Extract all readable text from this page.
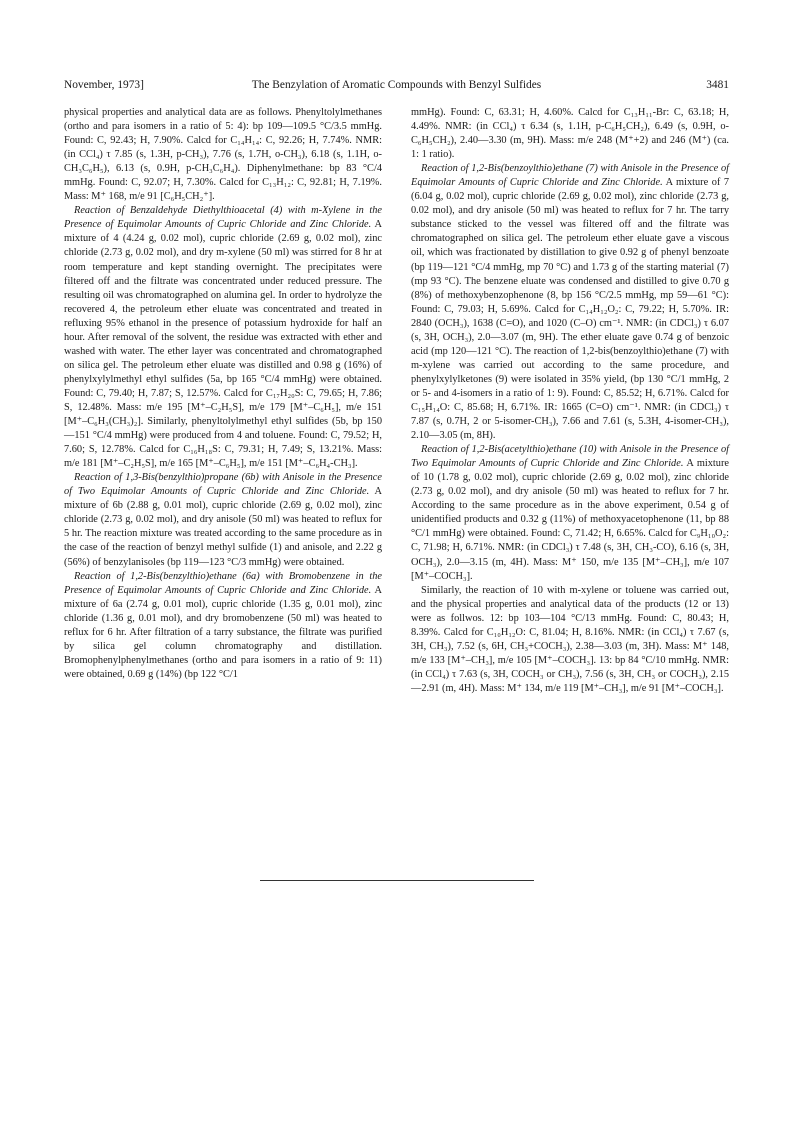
November, 1973]	The Benzylation of Aromatic Compounds with Benzyl Sulfides	3481

physical properties and analytical data are as follows. Phenyltolylmethanes (ortho and para isomers in a ratio of 5: 4): bp 109—109.5 °C/3.5 mmHg. Found: C, 92.43; H, 7.90%. Calcd for C₁₄H₁₄: C, 92.26; H, 7.74%. NMR: (in CCl₄) τ 7.85 (s, 1.3H, p-CH₃), 7.76 (s, 1.7H, o-CH₃), 6.18 (s, 1.1H, o-CH₃C₆H₅), 6.13 (s, 0.9H, p-CH₃C₆H₄). Diphenylmethane: bp 83 °C/4 mmHg. Found: C, 92.07; H, 7.30%. Calcd for C₁₃H₁₂: C, 92.81; H, 7.19%. Mass: M⁺ 168, m/e 91 [C₆H₅CH₂⁺].

Reaction of Benzaldehyde Diethylthioacetal (4) with m-Xylene in the Presence of Equimolar Amounts of Cupric Chloride and Zinc Chloride. A mixture of 4 (4.24 g, 0.02 mol), cupric chloride (2.69 g, 0.02 mol), zinc chloride (2.73 g, 0.02 mol), and dry m-xylene (50 ml) was stirred for 8 hr at room temperature and kept standing overnight. The precipitates were filtered off and the filtrate was concentrated under reduced pressure. The resulting oil was chromatographed on alumina gel. In order to hydrolyze the recovered 4, the petroleum ether eluate was concentrated and treated in refluxing 95% ethanol in the presence of potassium hydroxide for half an hour. After removal of the solvent, the residue was extracted with ether and washed with water. The ether layer was concentrated and chromatographed on silica gel. The petroleum ether eluate was distilled and 0.98 g (16%) of phenylxylylmethyl ethyl sulfides (5a, bp 165 °C/4 mmHg) were obtained. Found: C, 79.40; H, 7.87; S, 12.57%. Calcd for C₁₇H₂₀S: C, 79.65; H, 7.86; S, 12.48%. Mass: m/e 195 [M⁺–C₂H₅S], m/e 179 [M⁺–C₆H₅], m/e 151 [M⁺–C₆H₃(CH₃)₂]. Similarly, phenyltolylmethyl ethyl sulfides (5b, bp 150—151 °C/4 mmHg) were produced from 4 and toluene. Found: C, 79.52; H, 7.60; S, 12.78%. Calcd for C₁₆H₁₈S: C, 79.31; H, 7.49; S, 13.21%. Mass: m/e 181 [M⁺–C₂H₅S], m/e 165 [M⁺–C₆H₅], m/e 151 [M⁺–C₆H₄-CH₃].

Reaction of 1,3-Bis(benzylthio)propane (6b) with Anisole in the Presence of Two Equimolar Amounts of Cupric Chloride and Zinc Chloride. A mixture of 6b (2.88 g, 0.01 mol), cupric chloride (2.69 g, 0.02 mol), zinc chloride (2.73 g, 0.02 mol), and dry anisole (50 ml) was heated to reflux for 5 hr. The reaction mixture was treated according to the same procedure as in the case of the reaction of benzyl methyl sulfide (1) and anisole, and 2.22 g (56%) of benzylanisoles (bp 119—123 °C/3 mmHg) were obtained.

Reaction of 1,2-Bis(benzylthio)ethane (6a) with Bromobenzene in the Presence of Equimolar Amounts of Cupric Chloride and Zinc Chloride. A mixture of 6a (2.74 g, 0.01 mol), cupric chloride (1.35 g, 0.01 mol), zinc chloride (1.36 g, 0.01 mol), and dry bromobenzene (50 ml) was heated to reflux for 6 hr. After filtration of a tarry substance, the filtrate was purified by silica gel column chromatography and distillation. Bromophenylphenylmethanes (ortho and para isomers in a ratio of 9: 11) were obtained, 0.69 g (14%) (bp 122 °C/1

mmHg). Found: C, 63.31; H, 4.60%. Calcd for C₁₃H₁₁-Br: C, 63.18; H, 4.49%. NMR: (in CCl₄) τ 6.34 (s, 1.1H, p-C₆H₅CH₂), 6.49 (s, 0.9H, o-C₆H₅CH₂), 2.40—3.30 (m, 9H). Mass: m/e 248 (M⁺+2) and 246 (M⁺) (ca. 1: 1 ratio).

Reaction of 1,2-Bis(benzoylthio)ethane (7) with Anisole in the Presence of Equimolar Amounts of Cupric Chloride and Zinc Chloride. A mixture of 7 (6.04 g, 0.02 mol), cupric chloride (2.69 g, 0.02 mol), zinc chloride (2.73 g, 0.02 mol), and dry anisole (50 ml) was heated to reflux for 7 hr. The tarry substance sticked to the vessel was filtered off and the filtrate was chromatographed on silica gel. The petroleum ether eluate gave a viscous oil, which was fractionated by distillation to give 0.92 g of phenyl benzoate (bp 119—121 °C/4 mmHg, mp 70 °C) and 1.73 g of the starting material (7) (mp 93 °C). The benzene eluate was condensed and distilled to give 0.70 g (8%) of methoxybenzophenone (8, bp 156 °C/2.5 mmHg, mp 59—61 °C): Found: C, 79.03; H, 5.69%. Calcd for C₁₄H₁₂O₂: C, 79.22; H, 5.70%. IR: 2840 (OCH₃), 1638 (C=O), and 1020 (C–O) cm⁻¹. NMR: (in CDCl₃) τ 6.07 (s, 3H, OCH₃), 2.0—3.07 (m, 9H). The ether eluate gave 0.74 g of benzoic acid (mp 120—121 °C). The reaction of 1,2-bis(benzoylthio)ethane (7) with m-xylene was carried out according to the same procedure, and phenylxylylketones (9) were isolated in 35% yield, (bp 130 °C/1 mmHg, 2 or 5- and 4-isomers in a ratio of 1: 9). Found: C, 85.52; H, 6.71%. Calcd for C₁₅H₁₄O: C, 85.68; H, 6.71%. IR: 1665 (C=O) cm⁻¹. NMR: (in CDCl₃) τ 7.87 (s, 0.7H, 2 or 5-isomer-CH₃), 7.66 and 7.61 (s, 5.3H, 4-isomer-CH₃), 2.10—3.05 (m, 8H).

Reaction of 1,2-Bis(acetylthio)ethane (10) with Anisole in the Presence of Two Equimolar Amounts of Cupric Chloride and Zinc Chloride. A mixture of 10 (1.78 g, 0.02 mol), cupric chloride (2.69 g, 0.02 mol), zinc chloride (2.73 g, 0.02 mol), and dry anisole (50 ml) was heated to reflux for 7 hr. According to the same procedure as in the above experiment, 0.54 g of unidentified products and 0.32 g (11%) of methoxyacetophenone (11, bp 88 °C/1 mmHg) were obtained. Found: C, 71.42; H, 6.65%. Calcd for C₉H₁₀O₂: C, 71.98; H, 6.71%. NMR: (in CDCl₃) τ 7.48 (s, 3H, CH₃-CO), 6.16 (s, 3H, OCH₃), 2.0—3.15 (m, 4H). Mass: M⁺ 150, m/e 135 [M⁺–CH₃], m/e 107 [M⁺–COCH₃].

Similarly, the reaction of 10 with m-xylene or toluene was carried out, and the physical properties and analytical data of the products (12 or 13) were as follwos. 12: bp 103—104 °C/13 mmHg. Found: C, 80.43; H, 8.39%. Calcd for C₁₀H₁₂O: C, 81.04; H, 8.16%. NMR: (in CCl₄) τ 7.67 (s, 3H, CH₃), 7.52 (s, 6H, CH₃+COCH₃), 2.38—3.03 (m, 3H). Mass: M⁺ 148, m/e 133 [M⁺–CH₃], m/e 105 [M⁺–COCH₃]. 13: bp 84 °C/10 mmHg. NMR: (in CCl₄) τ 7.63 (s, 3H, COCH₃ or CH₃), 7.56 (s, 3H, CH₃ or COCH₃), 2.15—2.91 (m, 4H). Mass: M⁺ 134, m/e 119 [M⁺–CH₃], m/e 91 [M⁺–COCH₃].
